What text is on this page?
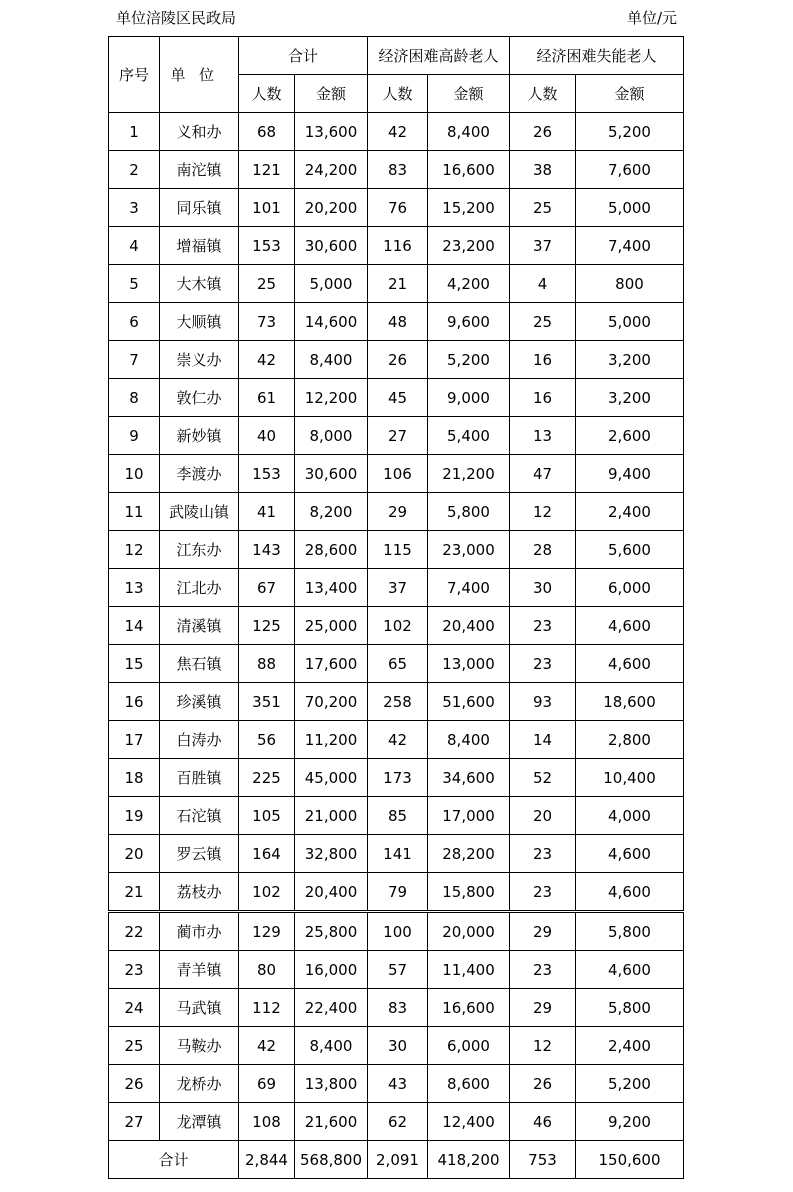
单位涪陵区民政局	单位/元
序号	单位	合计		经济困难高龄老人		经济困难失能老人	
		人数	金额	人数	金额	人数	金额
1	义和办	68	13,600	42	8,400	26	5,200
2	南沱镇	121	24,200	83	16,600	38	7,600
3	同乐镇	101	20,200	76	15,200	25	5,000
4	增福镇	153	30,600	116	23,200	37	7,400
5	大木镇	25	5,000	21	4,200	4	800
6	大顺镇	73	14,600	48	9,600	25	5,000
7	崇义办	42	8,400	26	5,200	16	3,200
8	敦仁办	61	12,200	45	9,000	16	3,200
9	新妙镇	40	8,000	27	5,400	13	2,600
10	李渡办	153	30,600	106	21,200	47	9,400
11	武陵山镇	41	8,200	29	5,800	12	2,400
12	江东办	143	28,600	115	23,000	28	5,600
13	江北办	67	13,400	37	7,400	30	6,000
14	清溪镇	125	25,000	102	20,400	23	4,600
15	焦石镇	88	17,600	65	13,000	23	4,600
16	珍溪镇	351	70,200	258	51,600	93	18,600
17	白涛办	56	11,200	42	8,400	14	2,800
18	百胜镇	225	45,000	173	34,600	52	10,400
19	石沱镇	105	21,000	85	17,000	20	4,000
20	罗云镇	164	32,800	141	28,200	23	4,600
21	荔枝办	102	20,400	79	15,800	23	4,600
22	蔺市办	129	25,800	100	20,000	29	5,800
23	青羊镇	80	16,000	57	11,400	23	4,600
24	马武镇	112	22,400	83	16,600	29	5,800
25	马鞍办	42	8,400	30	6,000	12	2,400
26	龙桥办	69	13,800	43	8,600	26	5,200
27	龙潭镇	108	21,600	62	12,400	46	9,200
合计		2,844	568,800	2,091	418,200	753	150,600
